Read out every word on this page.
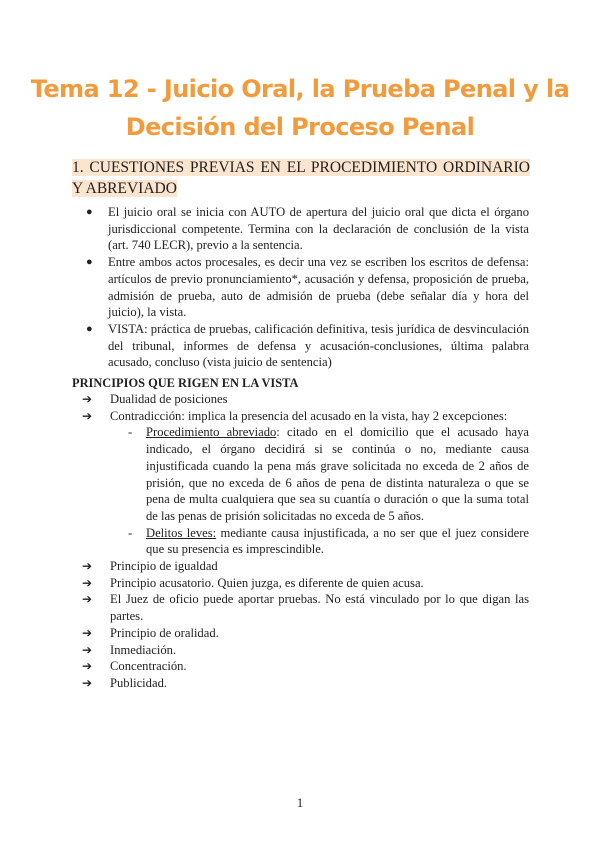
Tema 12 - Juicio Oral, la Prueba Penal y la
Decisión del Proceso Penal
1. CUESTIONES PREVIAS EN EL PROCEDIMIENTO ORDINARIO Y ABREVIADO
● El juicio oral se inicia con AUTO de apertura del juicio oral que dicta el órgano jurisdiccional competente. Termina con la declaración de conclusión de la vista (art. 740 LECR), previo a la sentencia.
● Entre ambos actos procesales, es decir una vez se escriben los escritos de defensa: artículos de previo pronunciamiento*, acusación y defensa, proposición de prueba, admisión de prueba, auto de admisión de prueba (debe señalar día y hora del juicio), la vista.
● VISTA: práctica de pruebas, calificación definitiva, tesis jurídica de desvinculación del tribunal, informes de defensa y acusación-conclusiones, última palabra acusado, concluso (vista juicio de sentencia)
PRINCIPIOS QUE RIGEN EN LA VISTA
➔ Dualidad de posiciones
➔ Contradicción: implica la presencia del acusado en la vista, hay 2 excepciones:
- Procedimiento abreviado: citado en el domicilio que el acusado haya indicado, el órgano decidirá si se continúa o no, mediante causa injustificada cuando la pena más grave solicitada no exceda de 2 años de prisión, que no exceda de 6 años de pena de distinta naturaleza o que se pena de multa cualquiera que sea su cuantía o duración o que la suma total de las penas de prisión solicitadas no exceda de 5 años.
- Delitos leves: mediante causa injustificada, a no ser que el juez considere que su presencia es imprescindible.
➔ Principio de igualdad
➔ Principio acusatorio. Quien juzga, es diferente de quien acusa.
➔ El Juez de oficio puede aportar pruebas. No está vinculado por lo que digan las partes.
➔ Principio de oralidad.
➔ Inmediación.
➔ Concentración.
➔ Publicidad.
1
